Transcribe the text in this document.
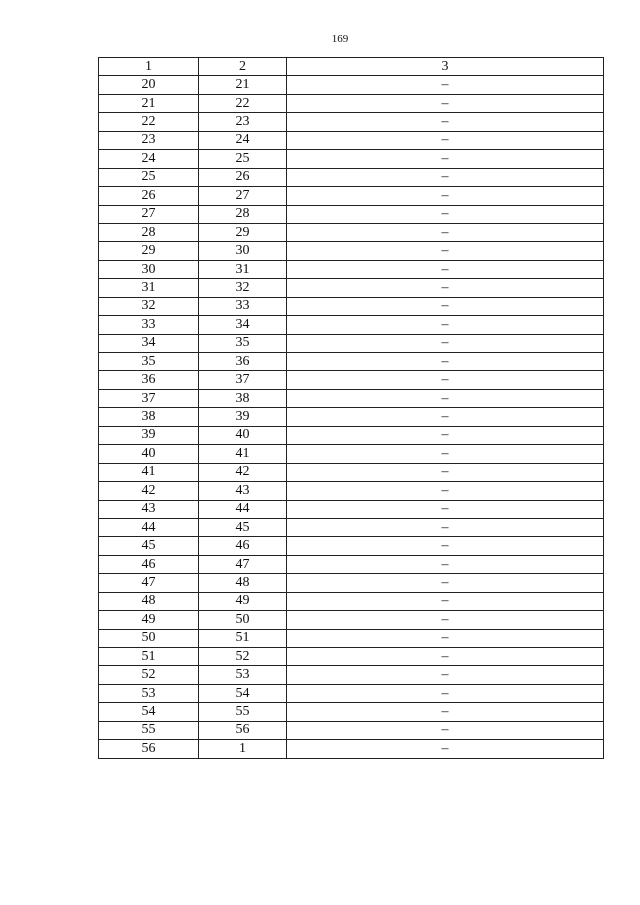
169
1	2	3
20	21	–
21	22	–
22	23	–
23	24	–
24	25	–
25	26	–
26	27	–
27	28	–
28	29	–
29	30	–
30	31	–
31	32	–
32	33	–
33	34	–
34	35	–
35	36	–
36	37	–
37	38	–
38	39	–
39	40	–
40	41	–
41	42	–
42	43	–
43	44	–
44	45	–
45	46	–
46	47	–
47	48	–
48	49	–
49	50	–
50	51	–
51	52	–
52	53	–
53	54	–
54	55	–
55	56	–
56	1	–
